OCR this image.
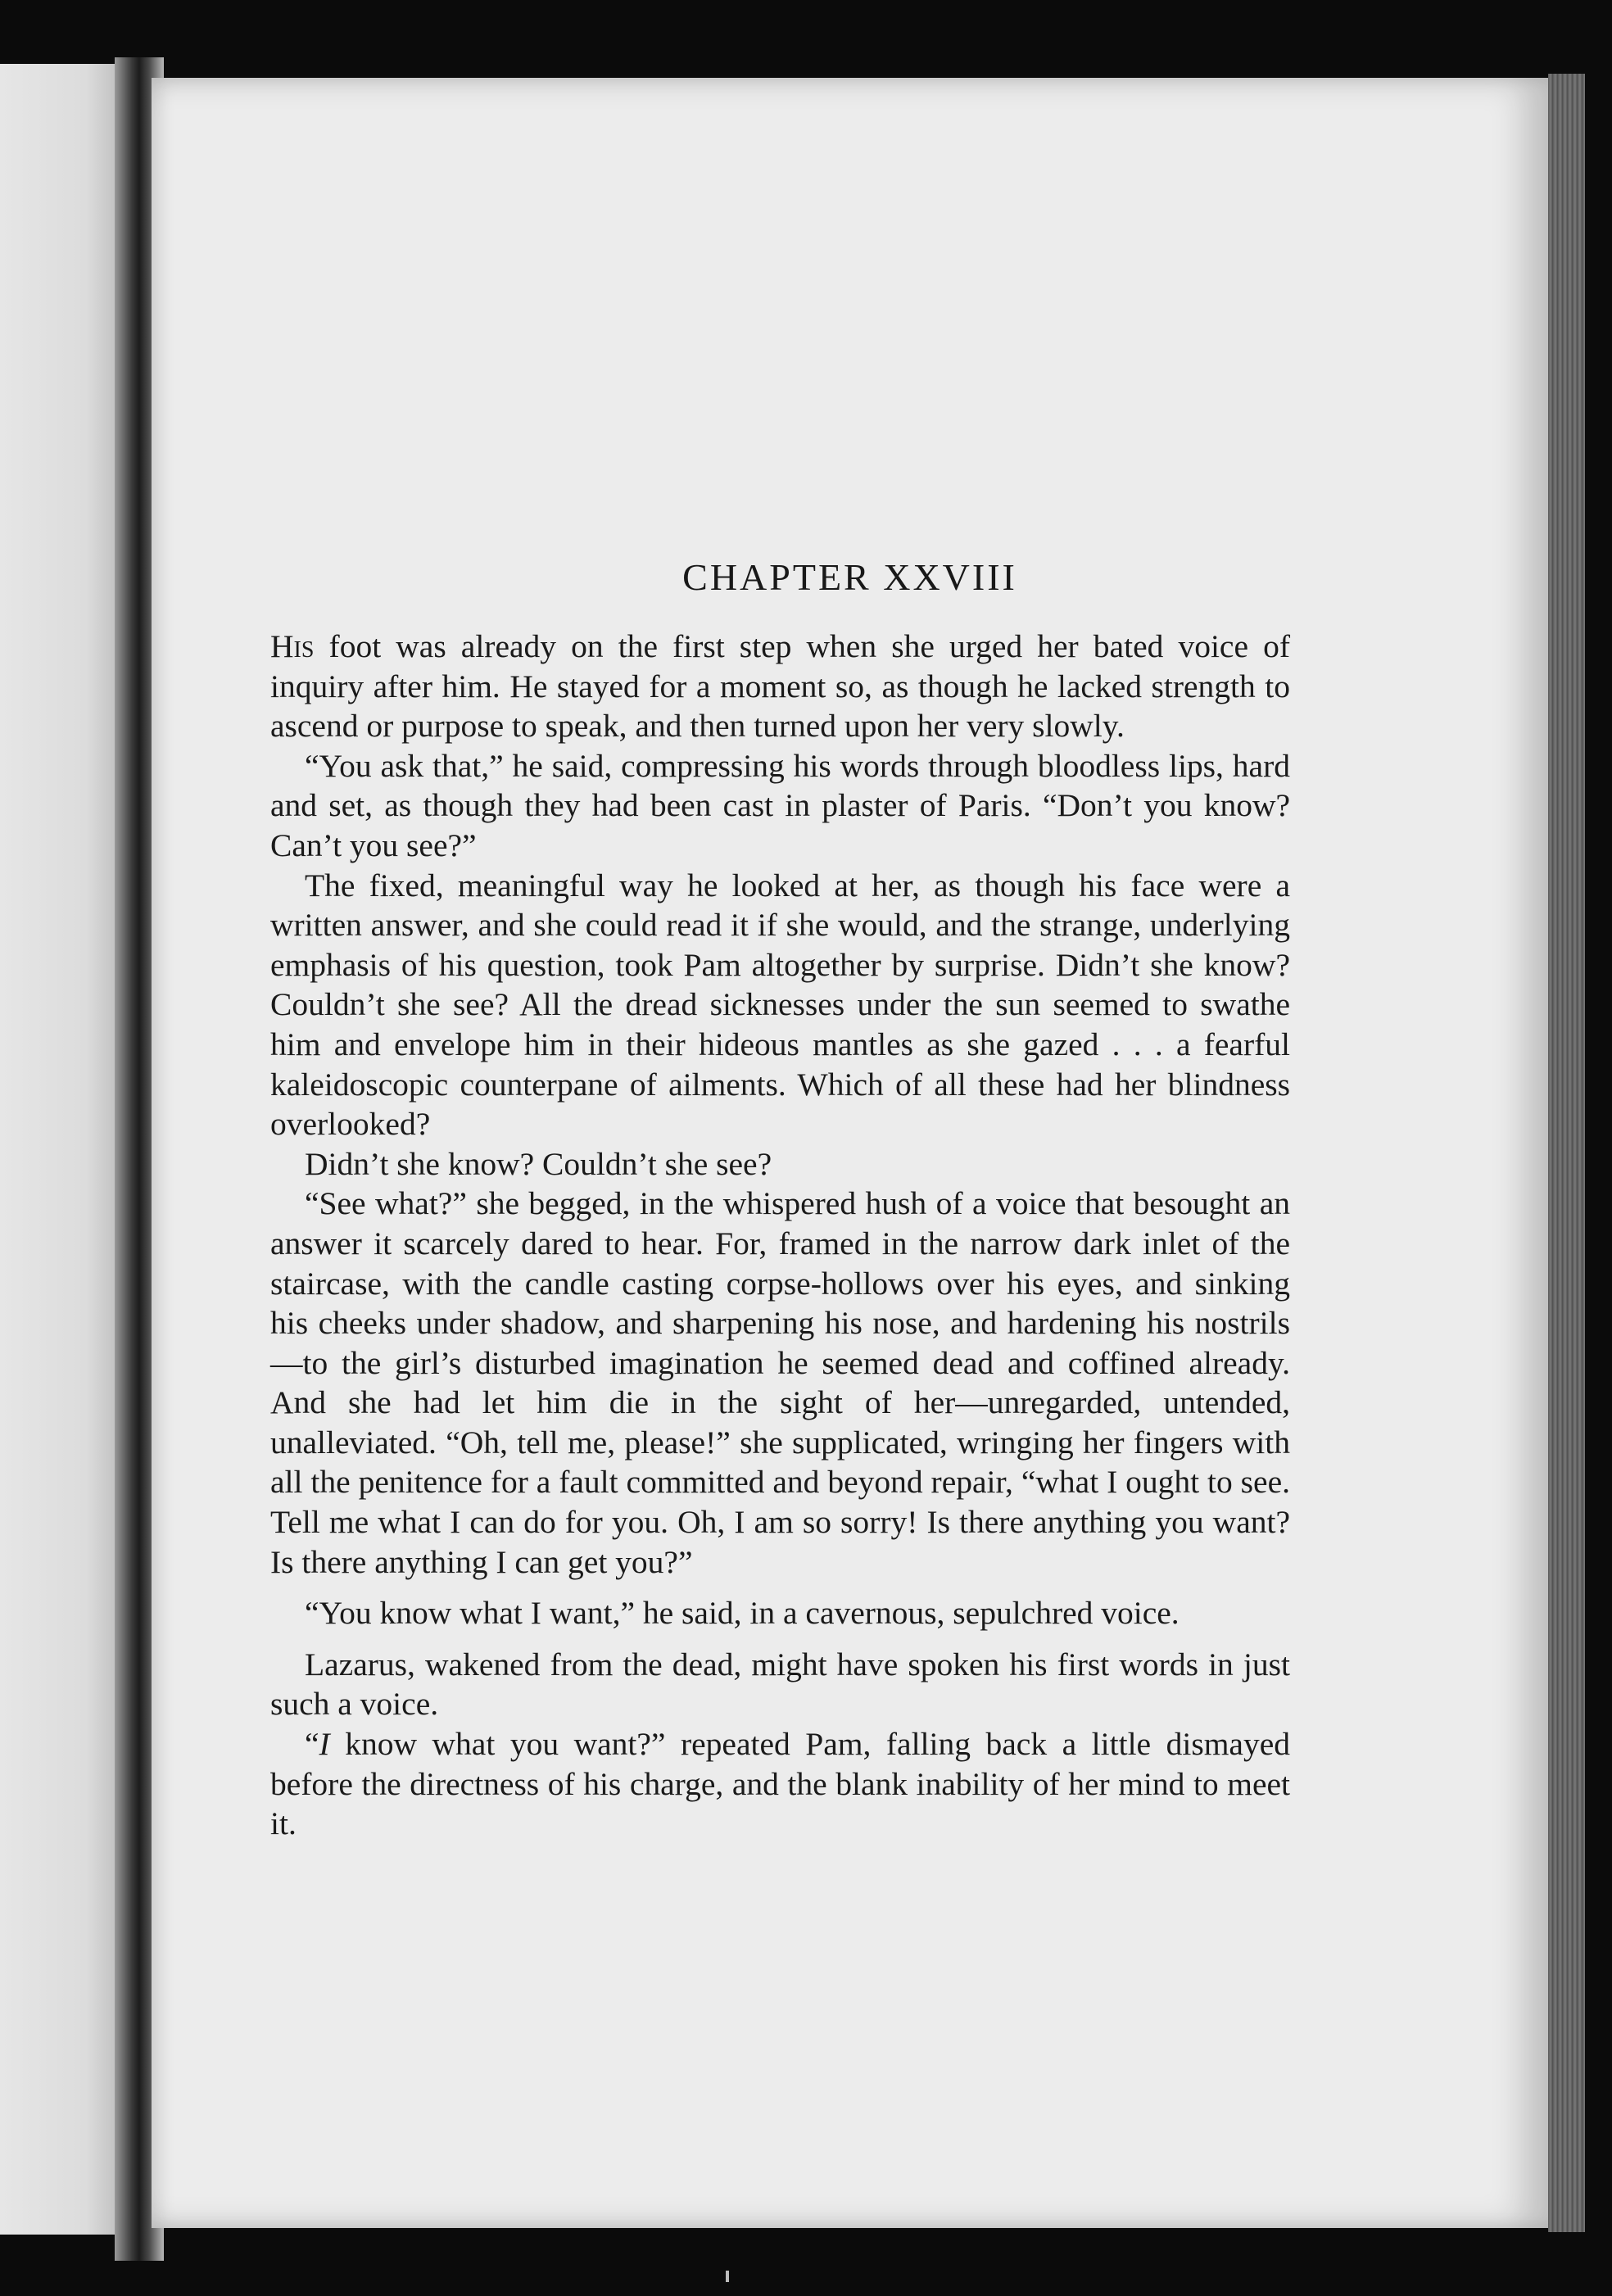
CHAPTER XXVIII

His foot was already on the first step when she urged her bated voice of inquiry after him. He stayed for a moment so, as though he lacked strength to ascend or purpose to speak, and then turned upon her very slowly.

“You ask that,” he said, compressing his words through bloodless lips, hard and set, as though they had been cast in plaster of Paris. “Don’t you know? Can’t you see?”

The fixed, meaningful way he looked at her, as though his face were a written answer, and she could read it if she would, and the strange, underlying emphasis of his question, took Pam altogether by surprise. Didn’t she know? Couldn’t she see? All the dread sicknesses under the sun seemed to swathe him and envelope him in their hideous mantles as she gazed . . . a fearful kaleidoscopic counterpane of ailments. Which of all these had her blindness overlooked?

Didn’t she know? Couldn’t she see?

“See what?” she begged, in the whispered hush of a voice that besought an answer it scarcely dared to hear. For, framed in the narrow dark inlet of the staircase, with the candle casting corpse-hollows over his eyes, and sinking his cheeks under shadow, and sharpening his nose, and hardening his nostrils—to the girl’s disturbed imagination he seemed dead and coffined already. And she had let him die in the sight of her—unregarded, untended, unalleviated. “Oh, tell me, please!” she supplicated, wringing her fingers with all the penitence for a fault committed and beyond repair, “what I ought to see. Tell me what I can do for you. Oh, I am so sorry! Is there anything you want? Is there anything I can get you?”

“You know what I want,” he said, in a cavernous, sepulchred voice.

Lazarus, wakened from the dead, might have spoken his first words in just such a voice.

“I know what you want?” repeated Pam, falling back a little dismayed before the directness of his charge, and the blank inability of her mind to meet it.
